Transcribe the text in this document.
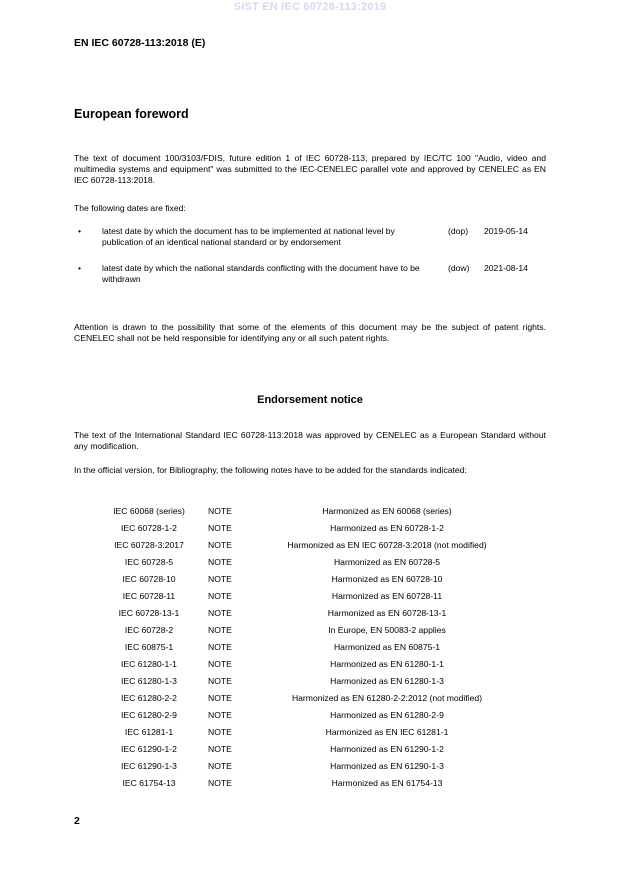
SIST EN IEC 60728-113:2019
EN IEC 60728-113:2018 (E)
European foreword
The text of document 100/3103/FDIS, future edition 1 of IEC 60728-113, prepared by IEC/TC 100 "Audio, video and multimedia systems and equipment" was submitted to the IEC-CENELEC parallel vote and approved by CENELEC as EN IEC 60728-113:2018.
The following dates are fixed:
• latest date by which the document has to be implemented at national level by publication of an identical national standard or by endorsement
(dop) 2019-05-14
• latest date by which the national standards conflicting with the document have to be withdrawn
(dow) 2021-08-14
Attention is drawn to the possibility that some of the elements of this document may be the subject of patent rights. CENELEC shall not be held responsible for identifying any or all such patent rights.
Endorsement notice
The text of the International Standard IEC 60728-113:2018 was approved by CENELEC as a European Standard without any modification.
In the official version, for Bibliography, the following notes have to be added for the standards indicated:
IEC 60068 (series)	NOTE	Harmonized as EN 60068 (series)
IEC 60728-1-2	NOTE	Harmonized as EN 60728-1-2
IEC 60728-3:2017	NOTE	Harmonized as EN IEC 60728-3:2018 (not modified)
IEC 60728-5	NOTE	Harmonized as EN 60728-5
IEC 60728-10	NOTE	Harmonized as EN 60728-10
IEC 60728-11	NOTE	Harmonized as EN 60728-11
IEC 60728-13-1	NOTE	Harmonized as EN 60728-13-1
IEC 60728-2	NOTE	In Europe, EN 50083-2 applies
IEC 60875-1	NOTE	Harmonized as EN 60875-1
IEC 61280-1-1	NOTE	Harmonized as EN 61280-1-1
IEC 61280-1-3	NOTE	Harmonized as EN 61280-1-3
IEC 61280-2-2	NOTE	Harmonized as EN 61280-2-2:2012 (not modified)
IEC 61280-2-9	NOTE	Harmonized as EN 61280-2-9
IEC 61281-1	NOTE	Harmonized as EN IEC 61281-1
IEC 61290-1-2	NOTE	Harmonized as EN 61290-1-2
IEC 61290-1-3	NOTE	Harmonized as EN 61290-1-3
IEC 61754-13	NOTE	Harmonized as EN 61754-13
2
